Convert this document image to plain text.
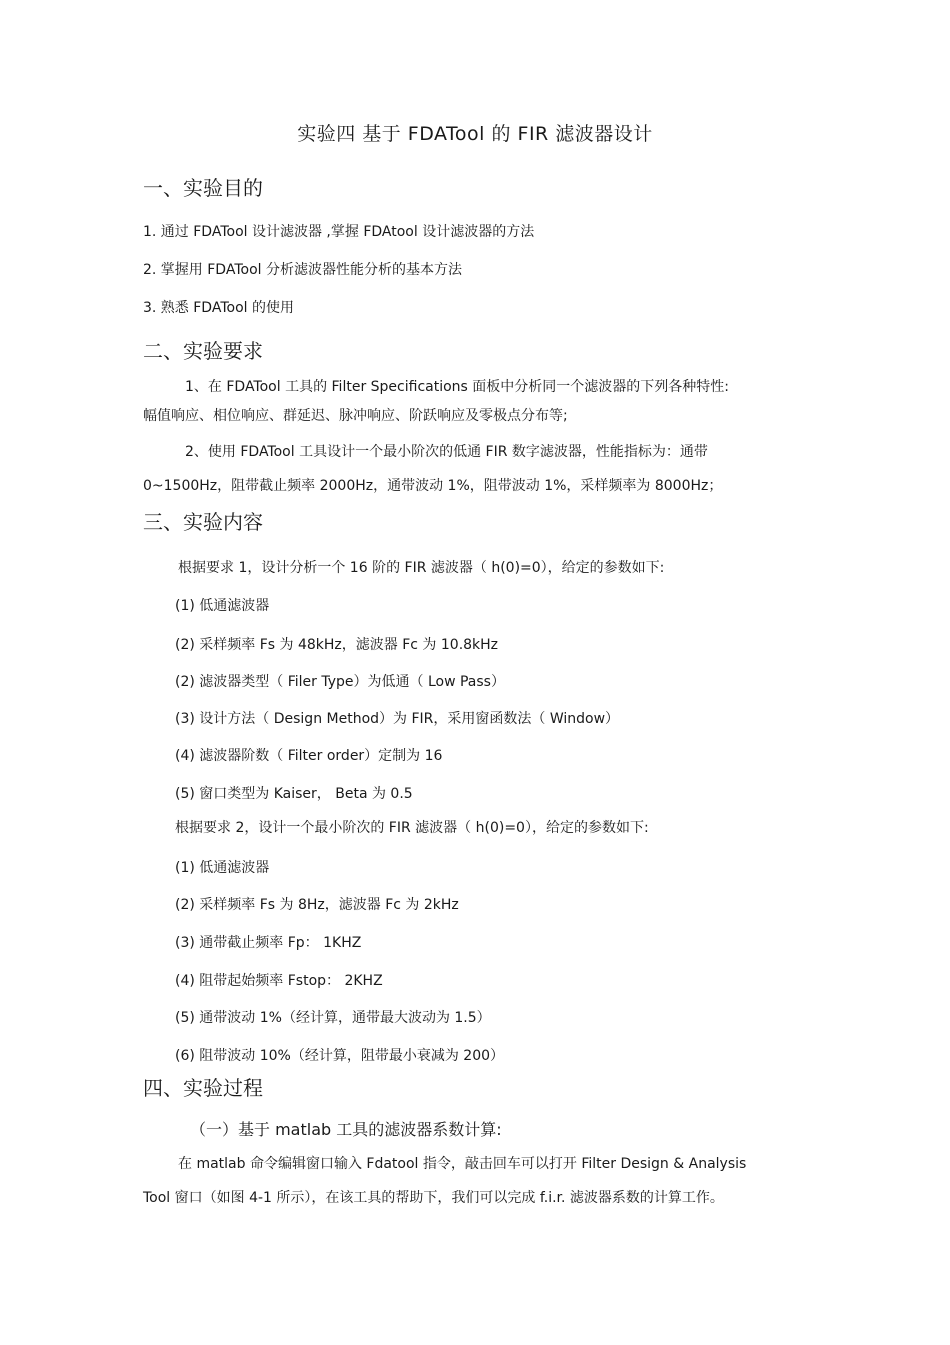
实验四 基于 FDATool 的 FIR 滤波器设计
一、实验目的
1. 通过 FDATool 设计滤波器 ,掌握 FDAtool 设计滤波器的方法
2. 掌握用 FDATool 分析滤波器性能分析的基本方法
3. 熟悉 FDATool 的使用
二、实验要求
1、在 FDATool 工具的 Filter Specifications 面板中分析同一个滤波器的下列各种特性:
幅值响应、相位响应、群延迟、脉冲响应、阶跃响应及零极点分布等;
2、使用 FDATool 工具设计一个最小阶次的低通 FIR 数字滤波器，性能指标为：通带
0~1500Hz，阻带截止频率 2000Hz，通带波动 1%，阻带波动 1%，采样频率为 8000Hz；
三、实验内容
根据要求 1，设计分析一个 16 阶的 FIR 滤波器（ h(0)=0），给定的参数如下:
(1) 低通滤波器
(2) 采样频率 Fs 为 48kHz，滤波器 Fc 为 10.8kHz
(2) 滤波器类型（ Filer Type）为低通（ Low Pass）
(3) 设计方法（ Design Method）为 FIR，采用窗函数法（ Window）
(4) 滤波器阶数（ Filter order）定制为 16
(5) 窗口类型为 Kaiser， Beta 为 0.5
根据要求 2，设计一个最小阶次的 FIR 滤波器（ h(0)=0），给定的参数如下:
(1) 低通滤波器
(2) 采样频率 Fs 为 8Hz，滤波器 Fc 为 2kHz
(3) 通带截止频率 Fp： 1KHZ
(4) 阻带起始频率 Fstop： 2KHZ
(5) 通带波动 1%（经计算，通带最大波动为 1.5）
(6) 阻带波动 10%（经计算，阻带最小衰减为 200）
四、实验过程
（一）基于 matlab 工具的滤波器系数计算:
在 matlab 命令编辑窗口输入 Fdatool 指令，敲击回车可以打开 Filter Design & Analysis
Tool 窗口（如图 4-1 所示），在该工具的帮助下，我们可以完成 f.i.r. 滤波器系数的计算工作。
